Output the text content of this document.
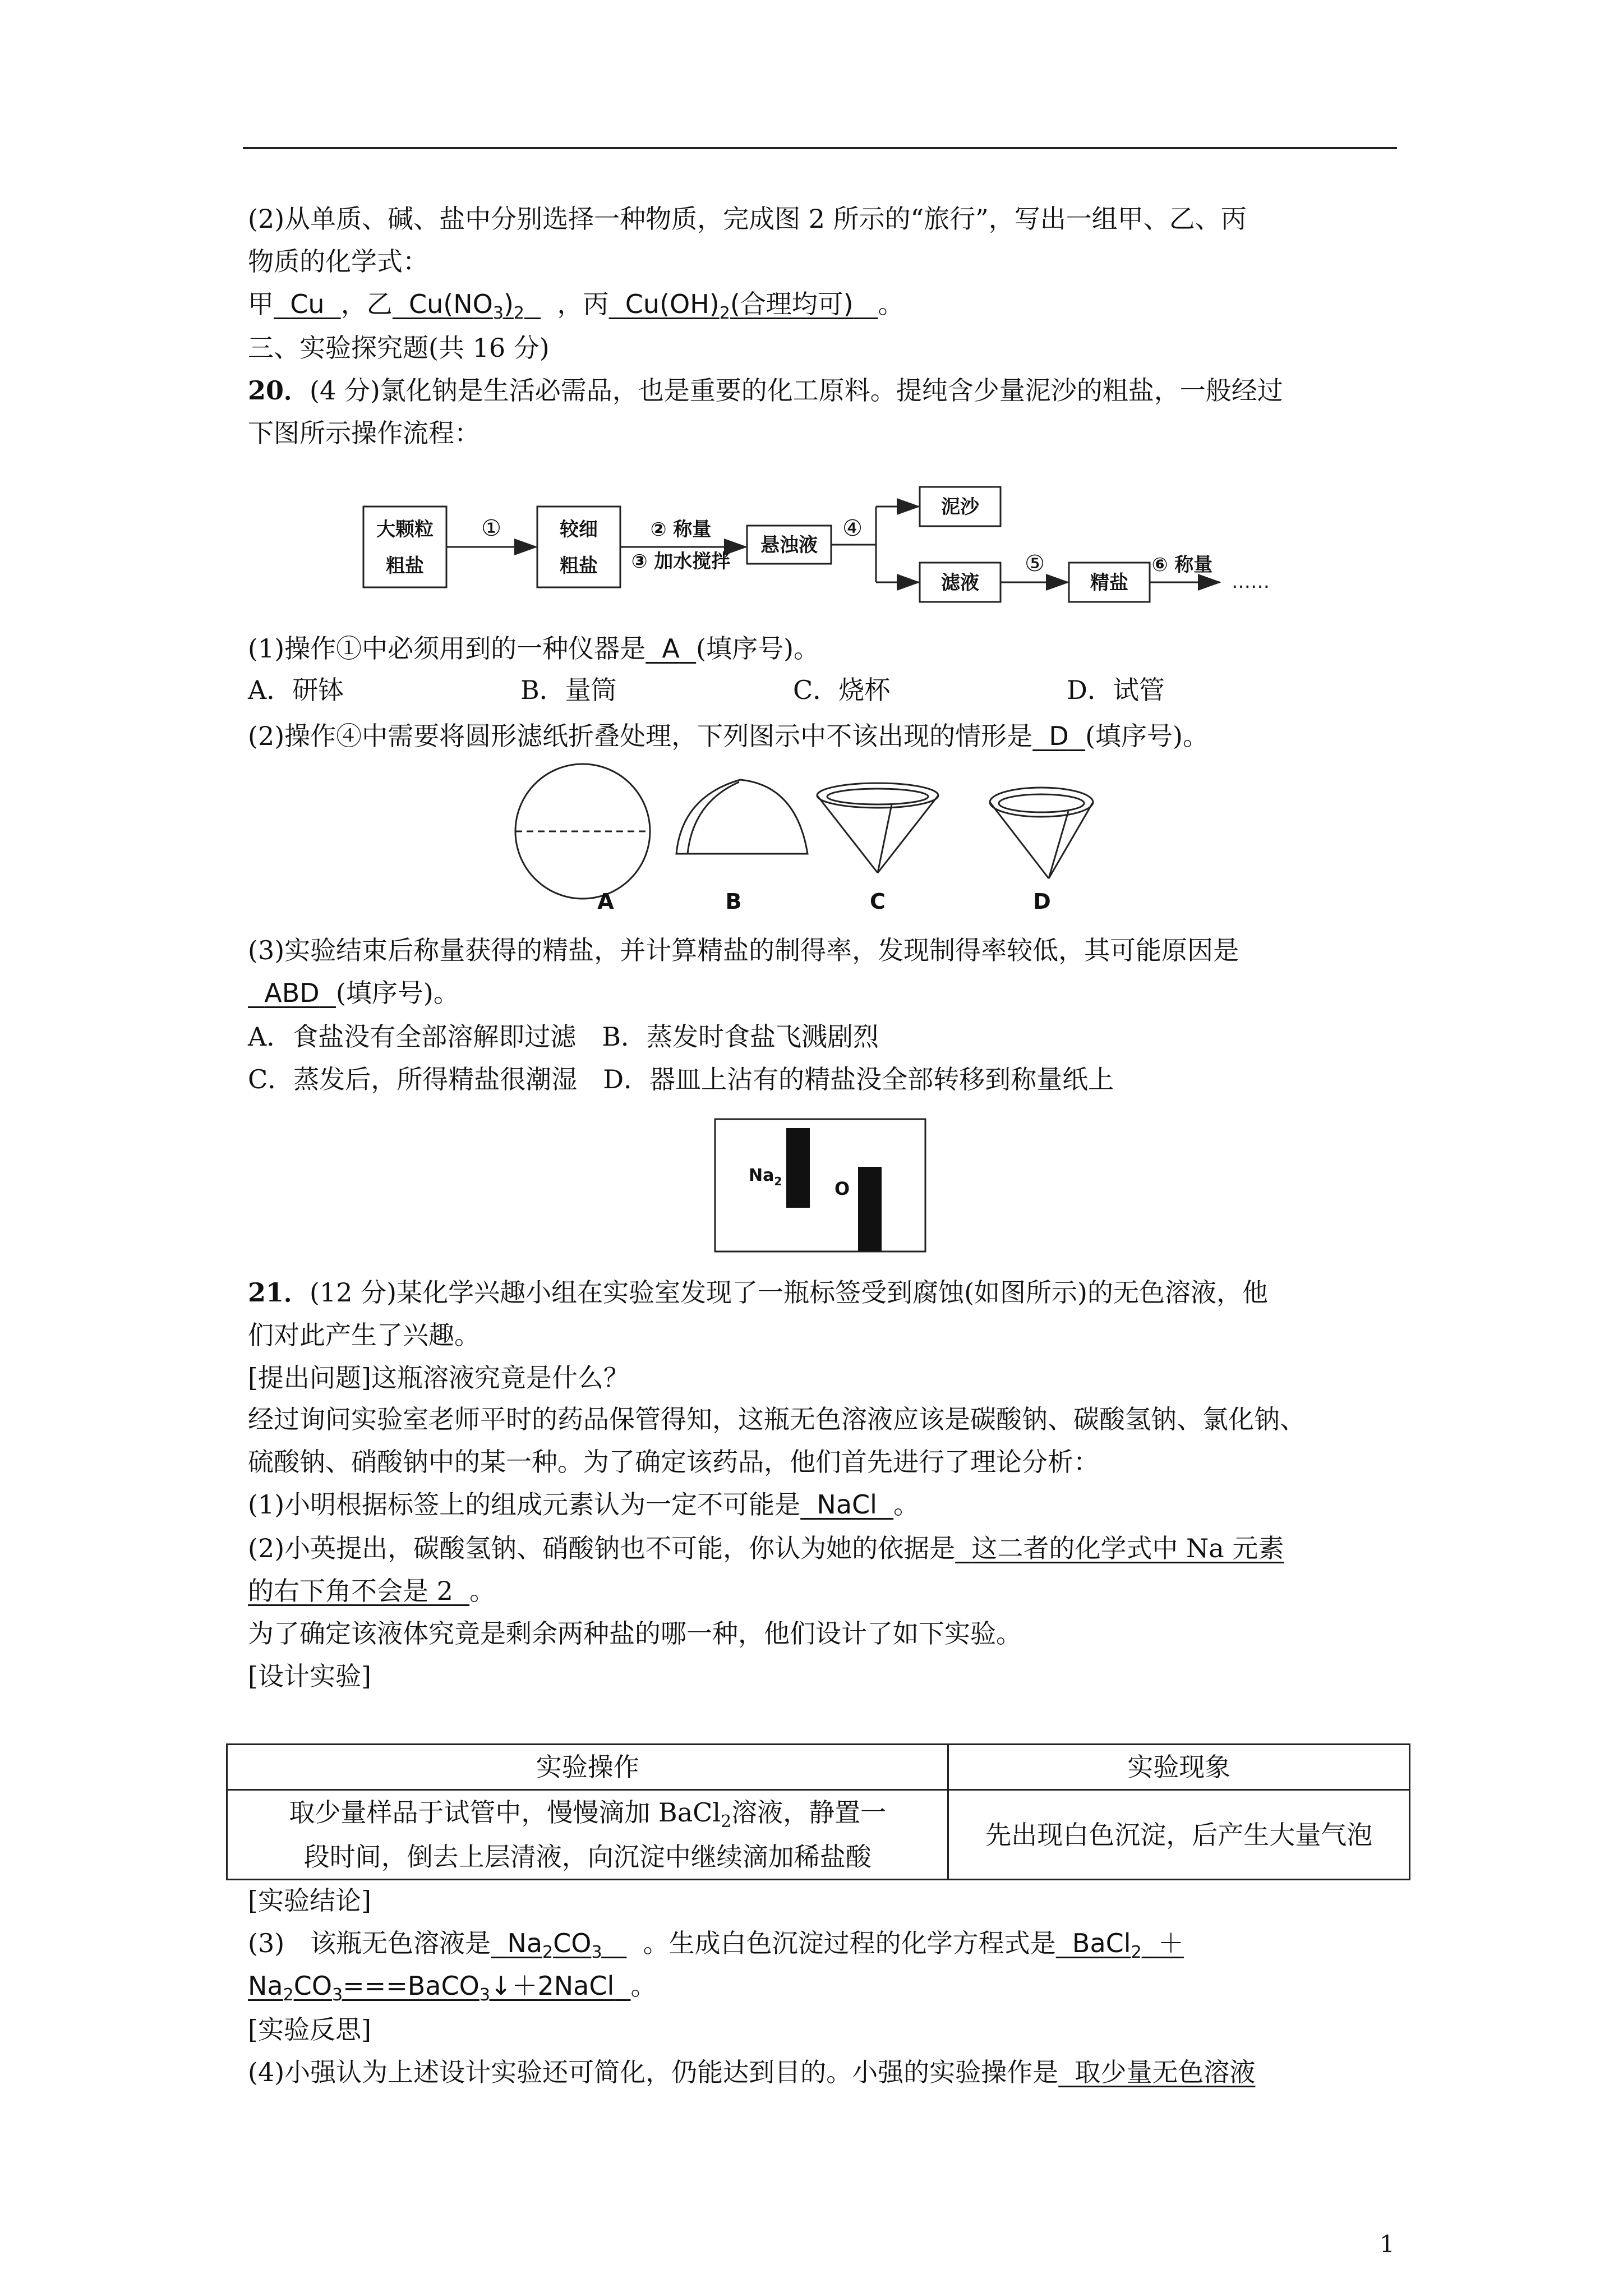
(2)从单质、碱、盐中分别选择一种物质，完成图 2 所示的“旅行”，写出一组甲、乙、丙
物质的化学式：
甲 Cu ，乙 $Cu(NO_3)_2$ ，丙 $Cu(OH)_2$(合理均可) 。
三、实验探究题(共 16 分)
20．(4 分)氯化钠是生活必需品，也是重要的化工原料。提纯含少量泥沙的粗盐，一般经过
下图所示操作流程：
大颗粒
粗盐
①	较细
粗盐
② 称量
③ 加水搅拌
悬浊液
④
泥沙
滤液
⑤
精盐
⑥ 称量
……
(1)操作①中必须用到的一种仪器是 A (填序号)。
A．研钵	B．量筒	C．烧杯	D．试管
(2)操作④中需要将圆形滤纸折叠处理，下列图示中不该出现的情形是 D (填序号)。
A	B	C	D
(3)实验结束后称量获得的精盐，并计算精盐的制得率，发现制得率较低，其可能原因是
ABD (填序号)。
A．食盐没有全部溶解即过滤　B．蒸发时食盐飞溅剧烈
C．蒸发后，所得精盐很潮湿　D．器皿上沾有的精盐没全部转移到称量纸上
$Na_2$	O
21．(12 分)某化学兴趣小组在实验室发现了一瓶标签受到腐蚀(如图所示)的无色溶液，他
们对此产生了兴趣。
[提出问题]这瓶溶液究竟是什么？
经过询问实验室老师平时的药品保管得知，这瓶无色溶液应该是碳酸钠、碳酸氢钠、氯化钠、
硫酸钠、硝酸钠中的某一种。为了确定该药品，他们首先进行了理论分析：
(1)小明根据标签上的组成元素认为一定不可能是 NaCl 。
(2)小英提出，碳酸氢钠、硝酸钠也不可能，你认为她的依据是 这二者的化学式中 Na 元素
的右下角不会是 2 。
为了确定该液体究竟是剩余两种盐的哪一种，他们设计了如下实验。
[设计实验]
实验操作	实验现象
取少量样品于试管中，慢慢滴加 BaCl$_2$溶液，静置一
段时间，倒去上层清液，向沉淀中继续滴加稀盐酸	先出现白色沉淀，后产生大量气泡
[实验结论]
(3)　该瓶无色溶液是 $Na_2CO_3$ 。生成白色沉淀过程的化学方程式是 BaCl$_2$ ＋
$Na_2CO_3===BaCO_3↓+2NaCl$ 。
[实验反思]
(4)小强认为上述设计实验还可简化，仍能达到目的。小强的实验操作是 取少量无色溶液
1
